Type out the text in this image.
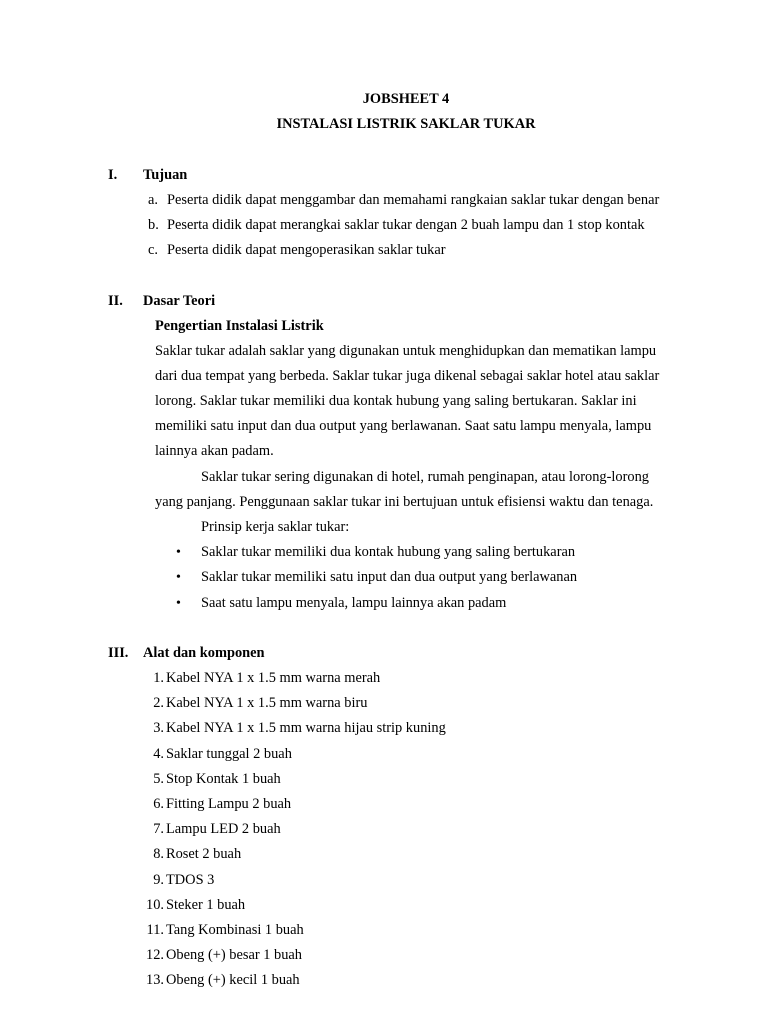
JOBSHEET 4
INSTALASI LISTRIK SAKLAR TUKAR
I. Tujuan
a. Peserta didik dapat menggambar dan memahami rangkaian saklar tukar dengan benar
b. Peserta didik dapat merangkai saklar tukar dengan 2 buah lampu dan 1 stop kontak
c. Peserta didik dapat mengoperasikan saklar tukar
II. Dasar Teori
Pengertian Instalasi Listrik
Saklar tukar adalah saklar yang digunakan untuk menghidupkan dan mematikan lampu
dari dua tempat yang berbeda. Saklar tukar juga dikenal sebagai saklar hotel atau saklar
lorong. Saklar tukar memiliki dua kontak hubung yang saling bertukaran. Saklar ini
memiliki satu input dan dua output yang berlawanan. Saat satu lampu menyala, lampu
lainnya akan padam.
Saklar tukar sering digunakan di hotel, rumah penginapan, atau lorong-lorong
yang panjang. Penggunaan saklar tukar ini bertujuan untuk efisiensi waktu dan tenaga.
Prinsip kerja saklar tukar:
• Saklar tukar memiliki dua kontak hubung yang saling bertukaran
• Saklar tukar memiliki satu input dan dua output yang berlawanan
• Saat satu lampu menyala, lampu lainnya akan padam
III. Alat dan komponen
1. Kabel NYA 1 x 1.5 mm warna merah
2. Kabel NYA 1 x 1.5 mm warna biru
3. Kabel NYA 1 x 1.5 mm warna hijau strip kuning
4. Saklar tunggal 2 buah
5. Stop Kontak 1 buah
6. Fitting Lampu 2 buah
7. Lampu LED 2 buah
8. Roset 2 buah
9. TDOS 3
10. Steker 1 buah
11. Tang Kombinasi 1 buah
12. Obeng (+) besar 1 buah
13. Obeng (+) kecil 1 buah
